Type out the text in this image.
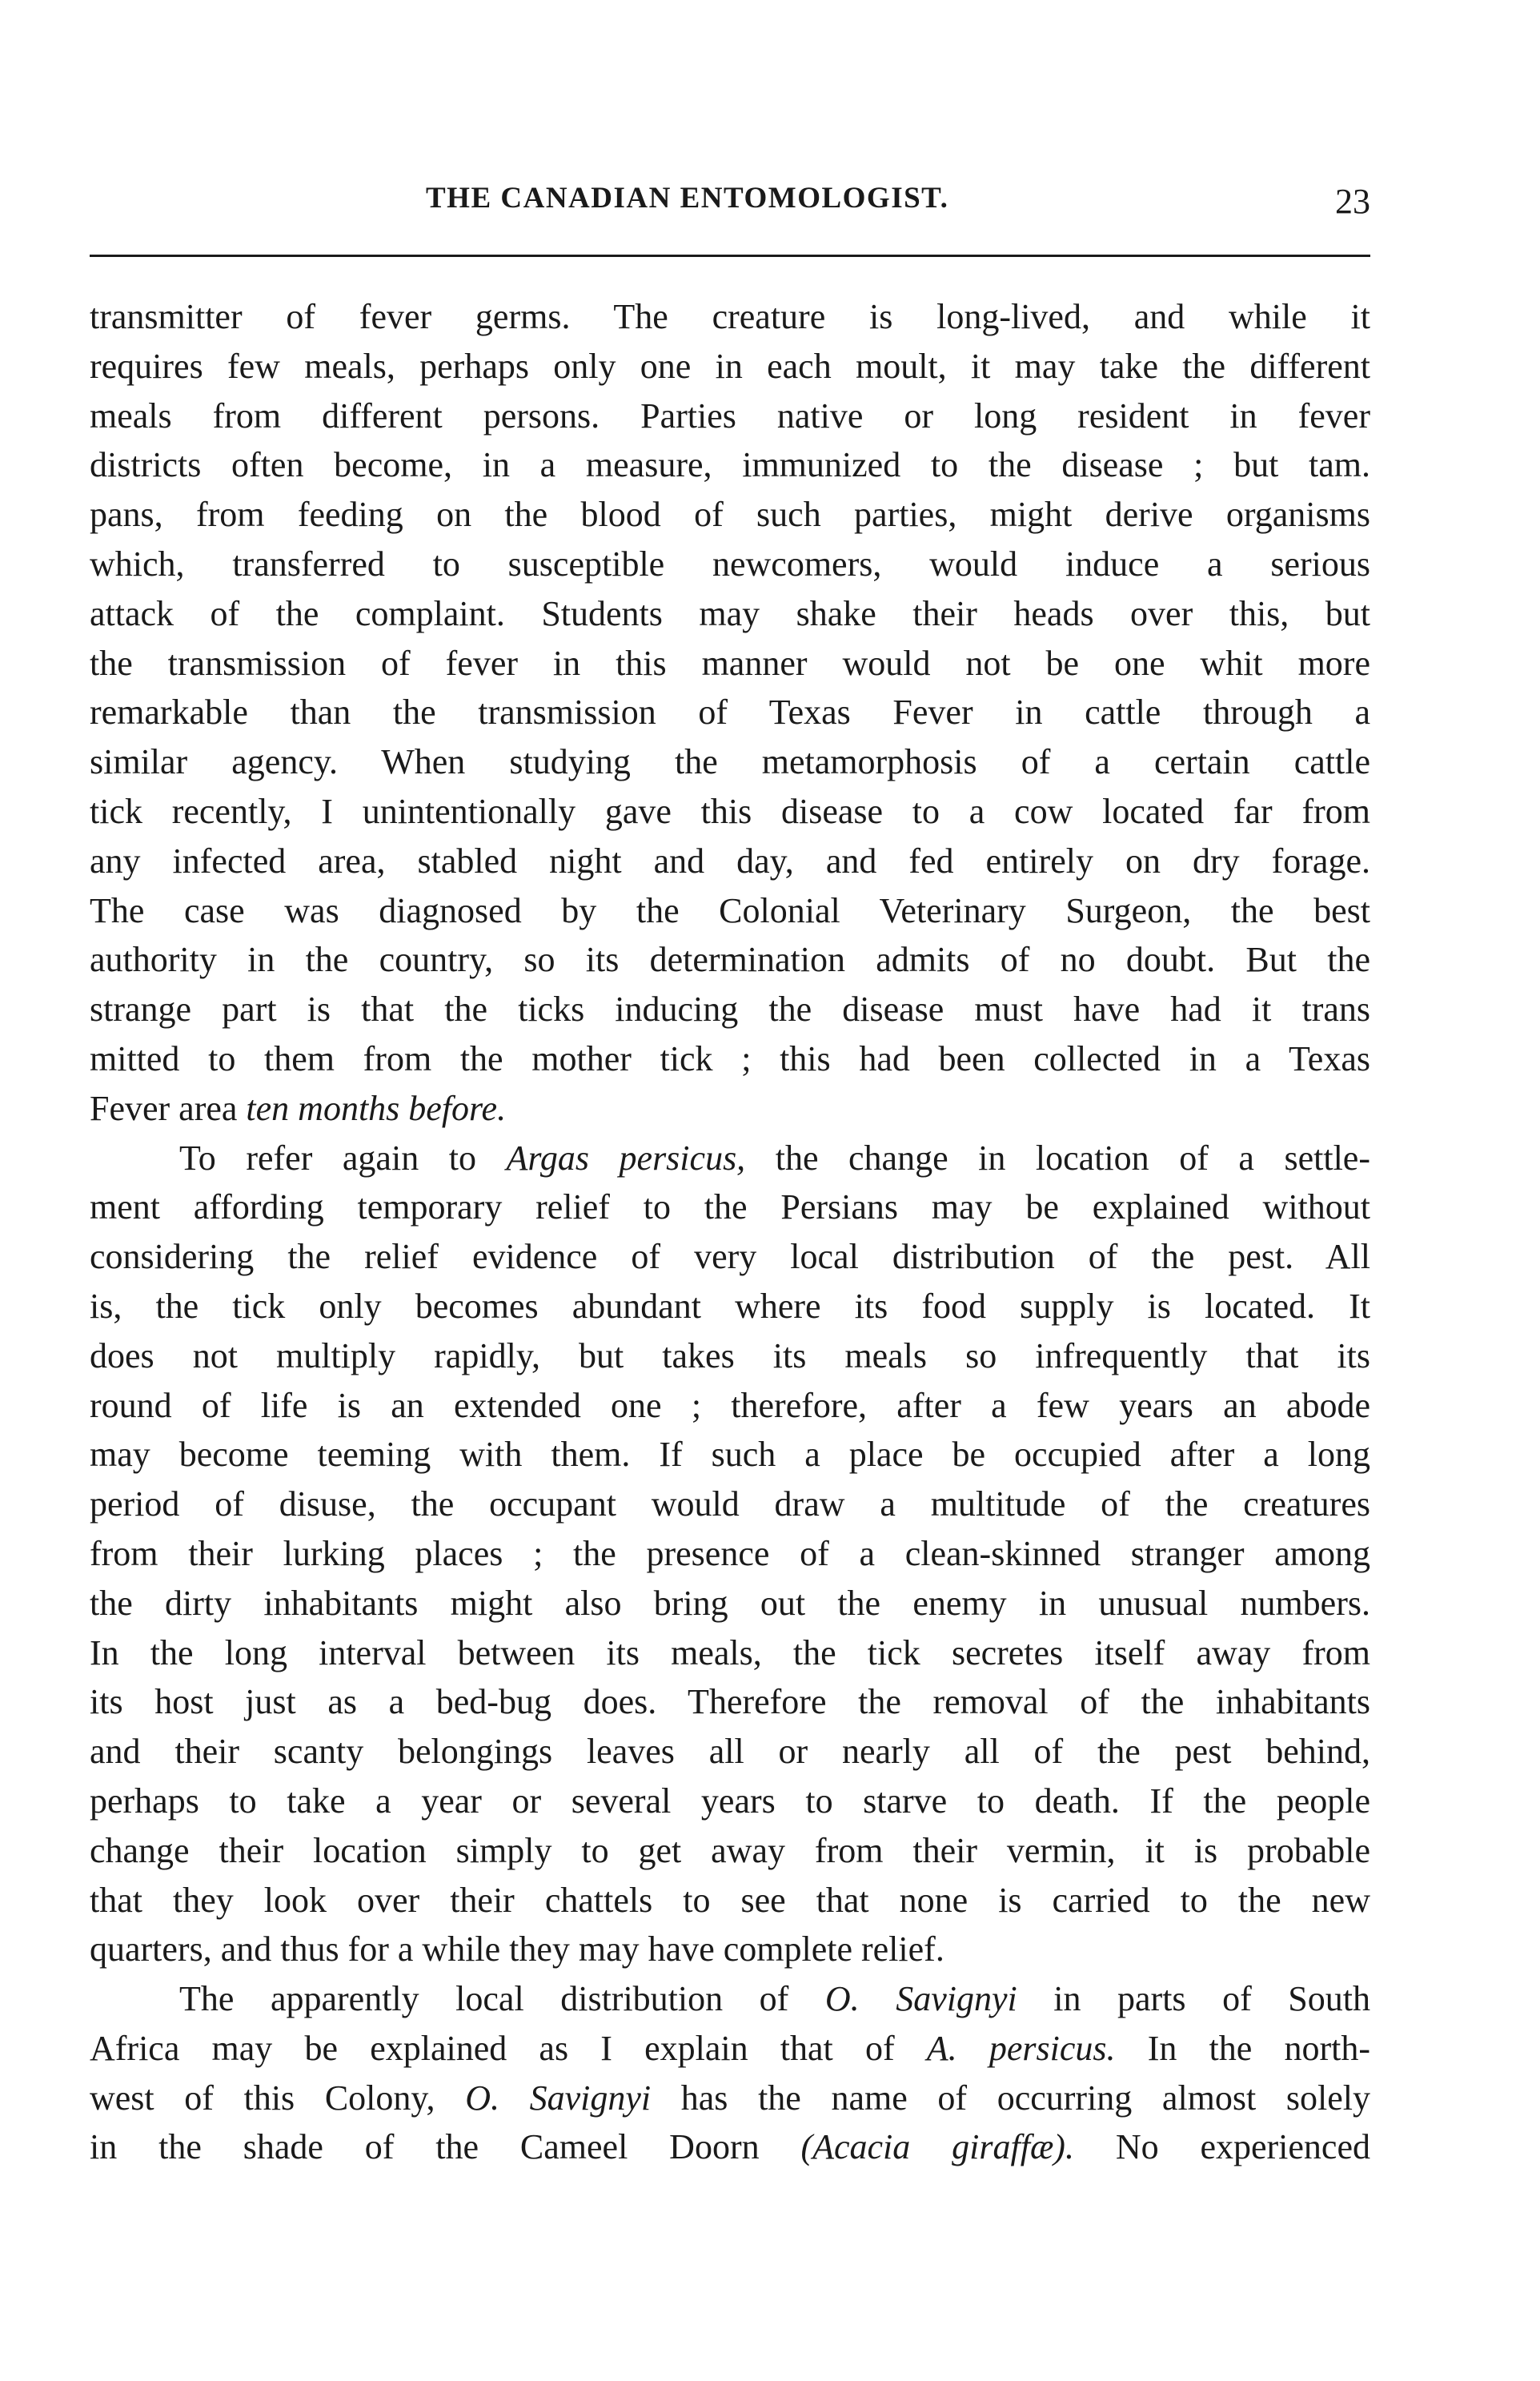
THE CANADIAN ENTOMOLOGIST.	23
transmitter of fever germs. The creature is long-lived, and while it
requires few meals, perhaps only one in each moult, it may take the different
meals from different persons. Parties native or long resident in fever
districts often become, in a measure, immunized to the disease ; but tam.
pans, from feeding on the blood of such parties, might derive organisms
which, transferred to susceptible newcomers, would induce a serious
attack of the complaint. Students may shake their heads over this, but
the transmission of fever in this manner would not be one whit more
remarkable than the transmission of Texas Fever in cattle through a
similar agency. When studying the metamorphosis of a certain cattle
tick recently, I unintentionally gave this disease to a cow located far from
any infected area, stabled night and day, and fed entirely on dry forage.
The case was diagnosed by the Colonial Veterinary Surgeon, the best
authority in the country, so its determination admits of no doubt. But the
strange part is that the ticks inducing the disease must have had it trans
mitted to them from the mother tick ; this had been collected in a Texas
Fever area ten months before.
To refer again to Argas persicus, the change in location of a settle-
ment affording temporary relief to the Persians may be explained without
considering the relief evidence of very local distribution of the pest. All
is, the tick only becomes abundant where its food supply is located. It
does not multiply rapidly, but takes its meals so infrequently that its
round of life is an extended one ; therefore, after a few years an abode
may become teeming with them. If such a place be occupied after a long
period of disuse, the occupant would draw a multitude of the creatures
from their lurking places ; the presence of a clean-skinned stranger among
the dirty inhabitants might also bring out the enemy in unusual numbers.
In the long interval between its meals, the tick secretes itself away from
its host just as a bed-bug does. Therefore the removal of the inhabitants
and their scanty belongings leaves all or nearly all of the pest behind,
perhaps to take a year or several years to starve to death. If the people
change their location simply to get away from their vermin, it is probable
that they look over their chattels to see that none is carried to the new
quarters, and thus for a while they may have complete relief.
The apparently local distribution of O. Savignyi in parts of South
Africa may be explained as I explain that of A. persicus. In the north-
west of this Colony, O. Savignyi has the name of occurring almost solely
in the shade of the Cameel Doorn (Acacia giraffæ). No experienced
